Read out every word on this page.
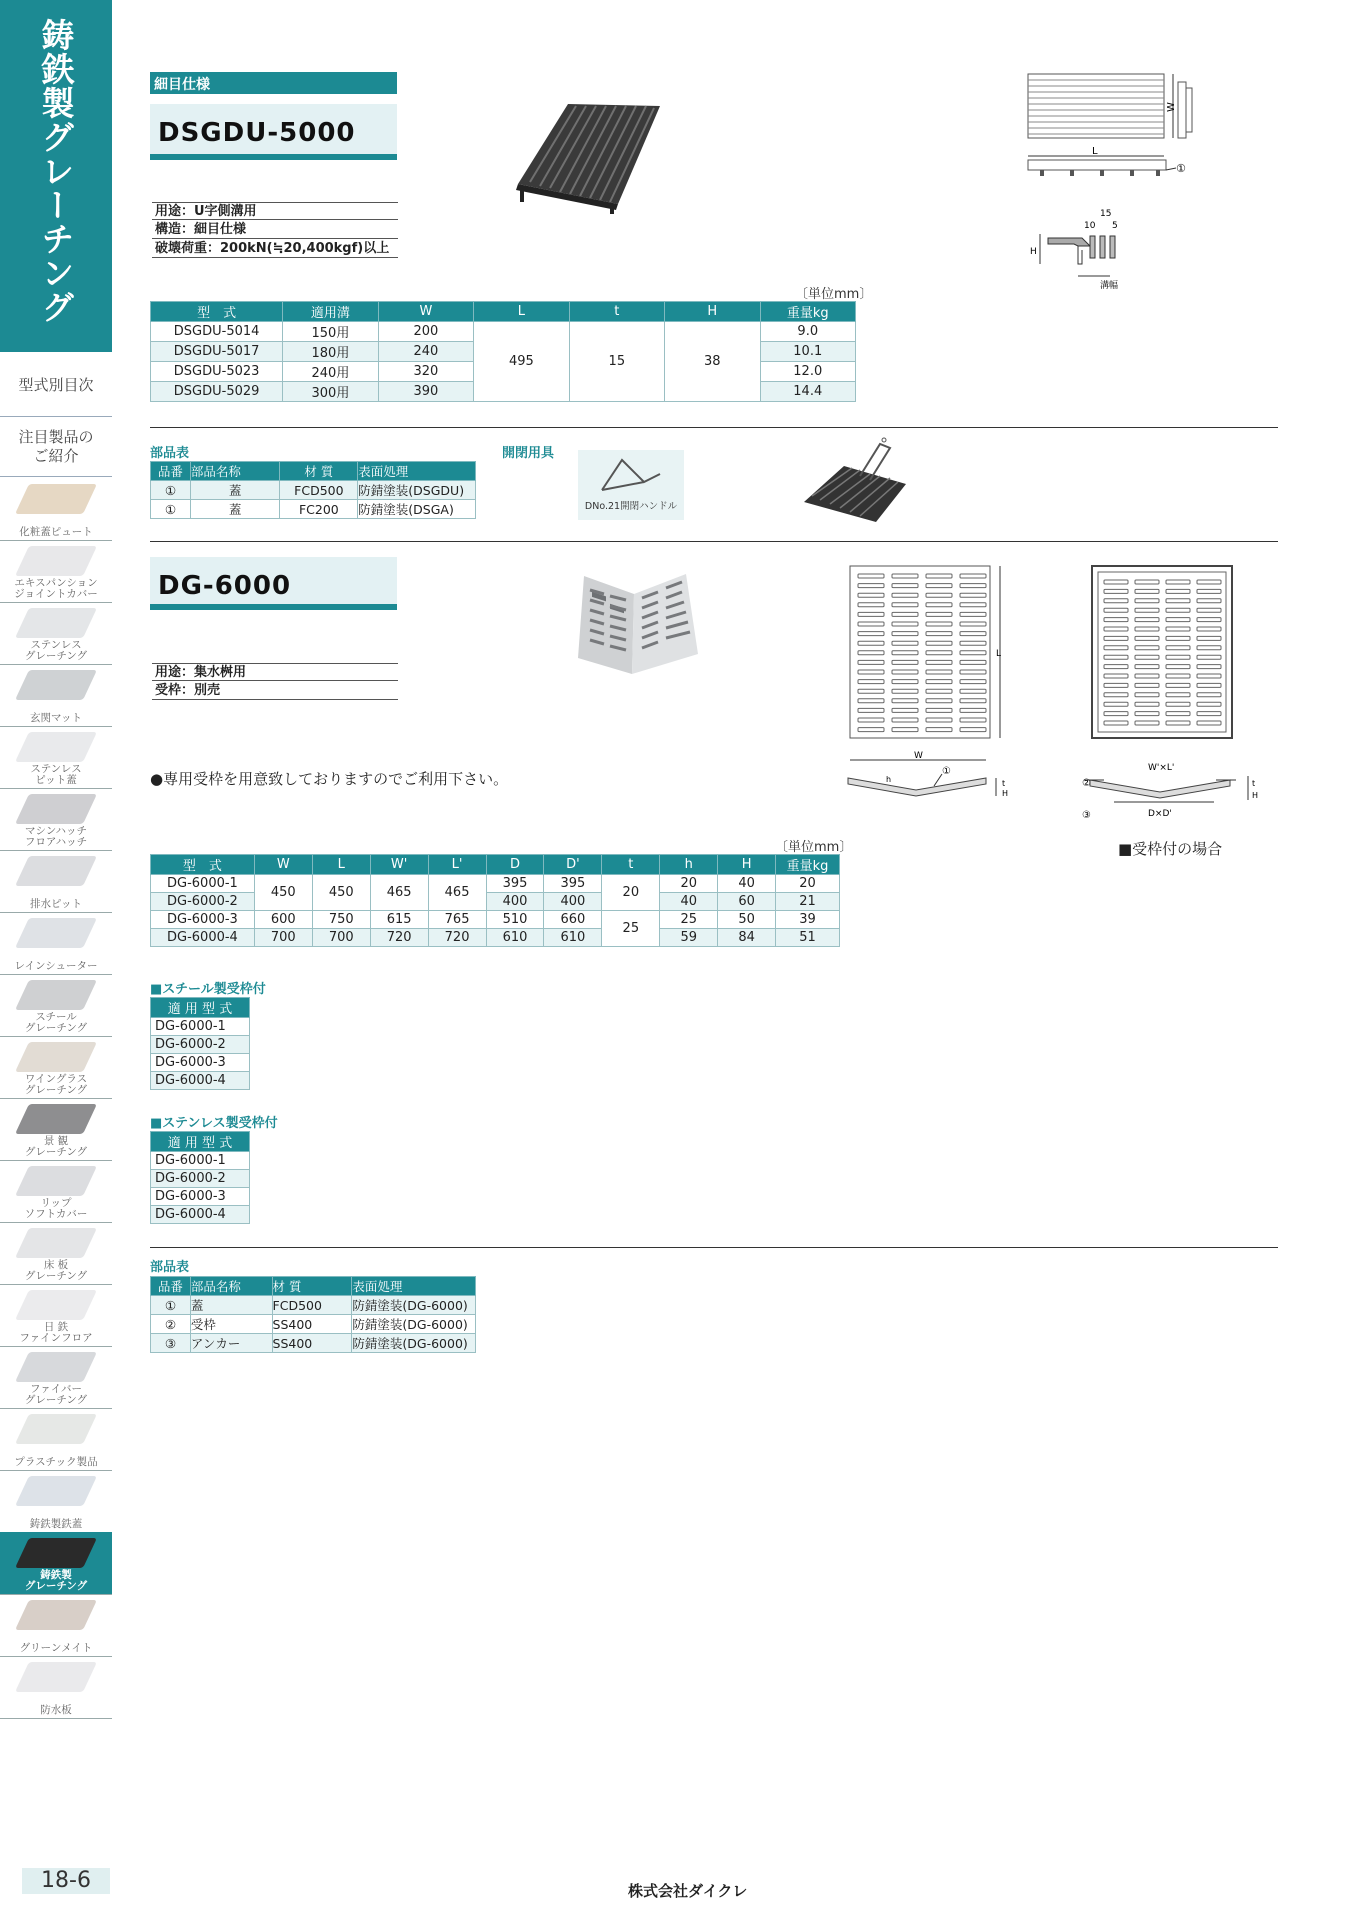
鋳鉄製グレーチング
型式別目次
注目製品の
ご紹介
化粧蓋ピュート
エキスパンション
ジョイントカバー
ステンレス
グレーチング
玄関マット
ステンレス
ピット蓋
マシンハッチ
フロアハッチ
排水ピット
レインシューター
スチール
グレーチング
ワイングラス
グレーチング
景 観
グレーチング
リップ
ソフトカバー
床 板
グレーチング
日 鉄
ファインフロア
ファイバー
グレーチング
プラスチック製品
鋳鉄製鉄蓋
鋳鉄製
グレーチング
グリーンメイト
防水板
18-6	株式会社ダイクレ
細目仕様
DSGDU-5000
W
L
①
10
15
5
H
溝幅
用途：U字側溝用
構造：細目仕様
破壊荷重：200kN(≒20,400kgf)以上
〔単位mm〕
型　式	適用溝	W	L	t	H	重量kg
DSGDU-5014	150用	200	495	15	38	9.0
DSGDU-5017	180用	240				10.1
DSGDU-5023	240用	320				12.0
DSGDU-5029	300用	390				14.4
部品表
品番	部品名称	材 質	表面処理
①	蓋	FCD500	防錆塗装(DSGDU)
①	蓋	FC200	防錆塗装(DSGA)
開閉用具
DNo.21開閉ハンドル
DG-6000
用途：集水桝用
受枠：別売
L
W
h
①
t
H
W'×L'
②
③	D×D'
t
H
■受枠付の場合
●専用受枠を用意致しておりますのでご利用下さい。
〔単位mm〕
型　式	W	L	W'	L'	D	D'	t	h	H	重量kg
DG-6000-1	450	450	465	465	395	395	20	20	40	20
DG-6000-2					400	400		40	60	21
DG-6000-3	600	750	615	765	510	660	25	25	50	39
DG-6000-4	700	700	720	720	610	610		59	84	51
■スチール製受枠付
適 用 型 式
DG-6000-1
DG-6000-2
DG-6000-3
DG-6000-4
■ステンレス製受枠付
適 用 型 式
DG-6000-1
DG-6000-2
DG-6000-3
DG-6000-4
部品表
品番	部品名称	材 質	表面処理
①	蓋	FCD500	防錆塗装(DG-6000)
②	受枠	SS400	防錆塗装(DG-6000)
③	アンカー	SS400	防錆塗装(DG-6000)
